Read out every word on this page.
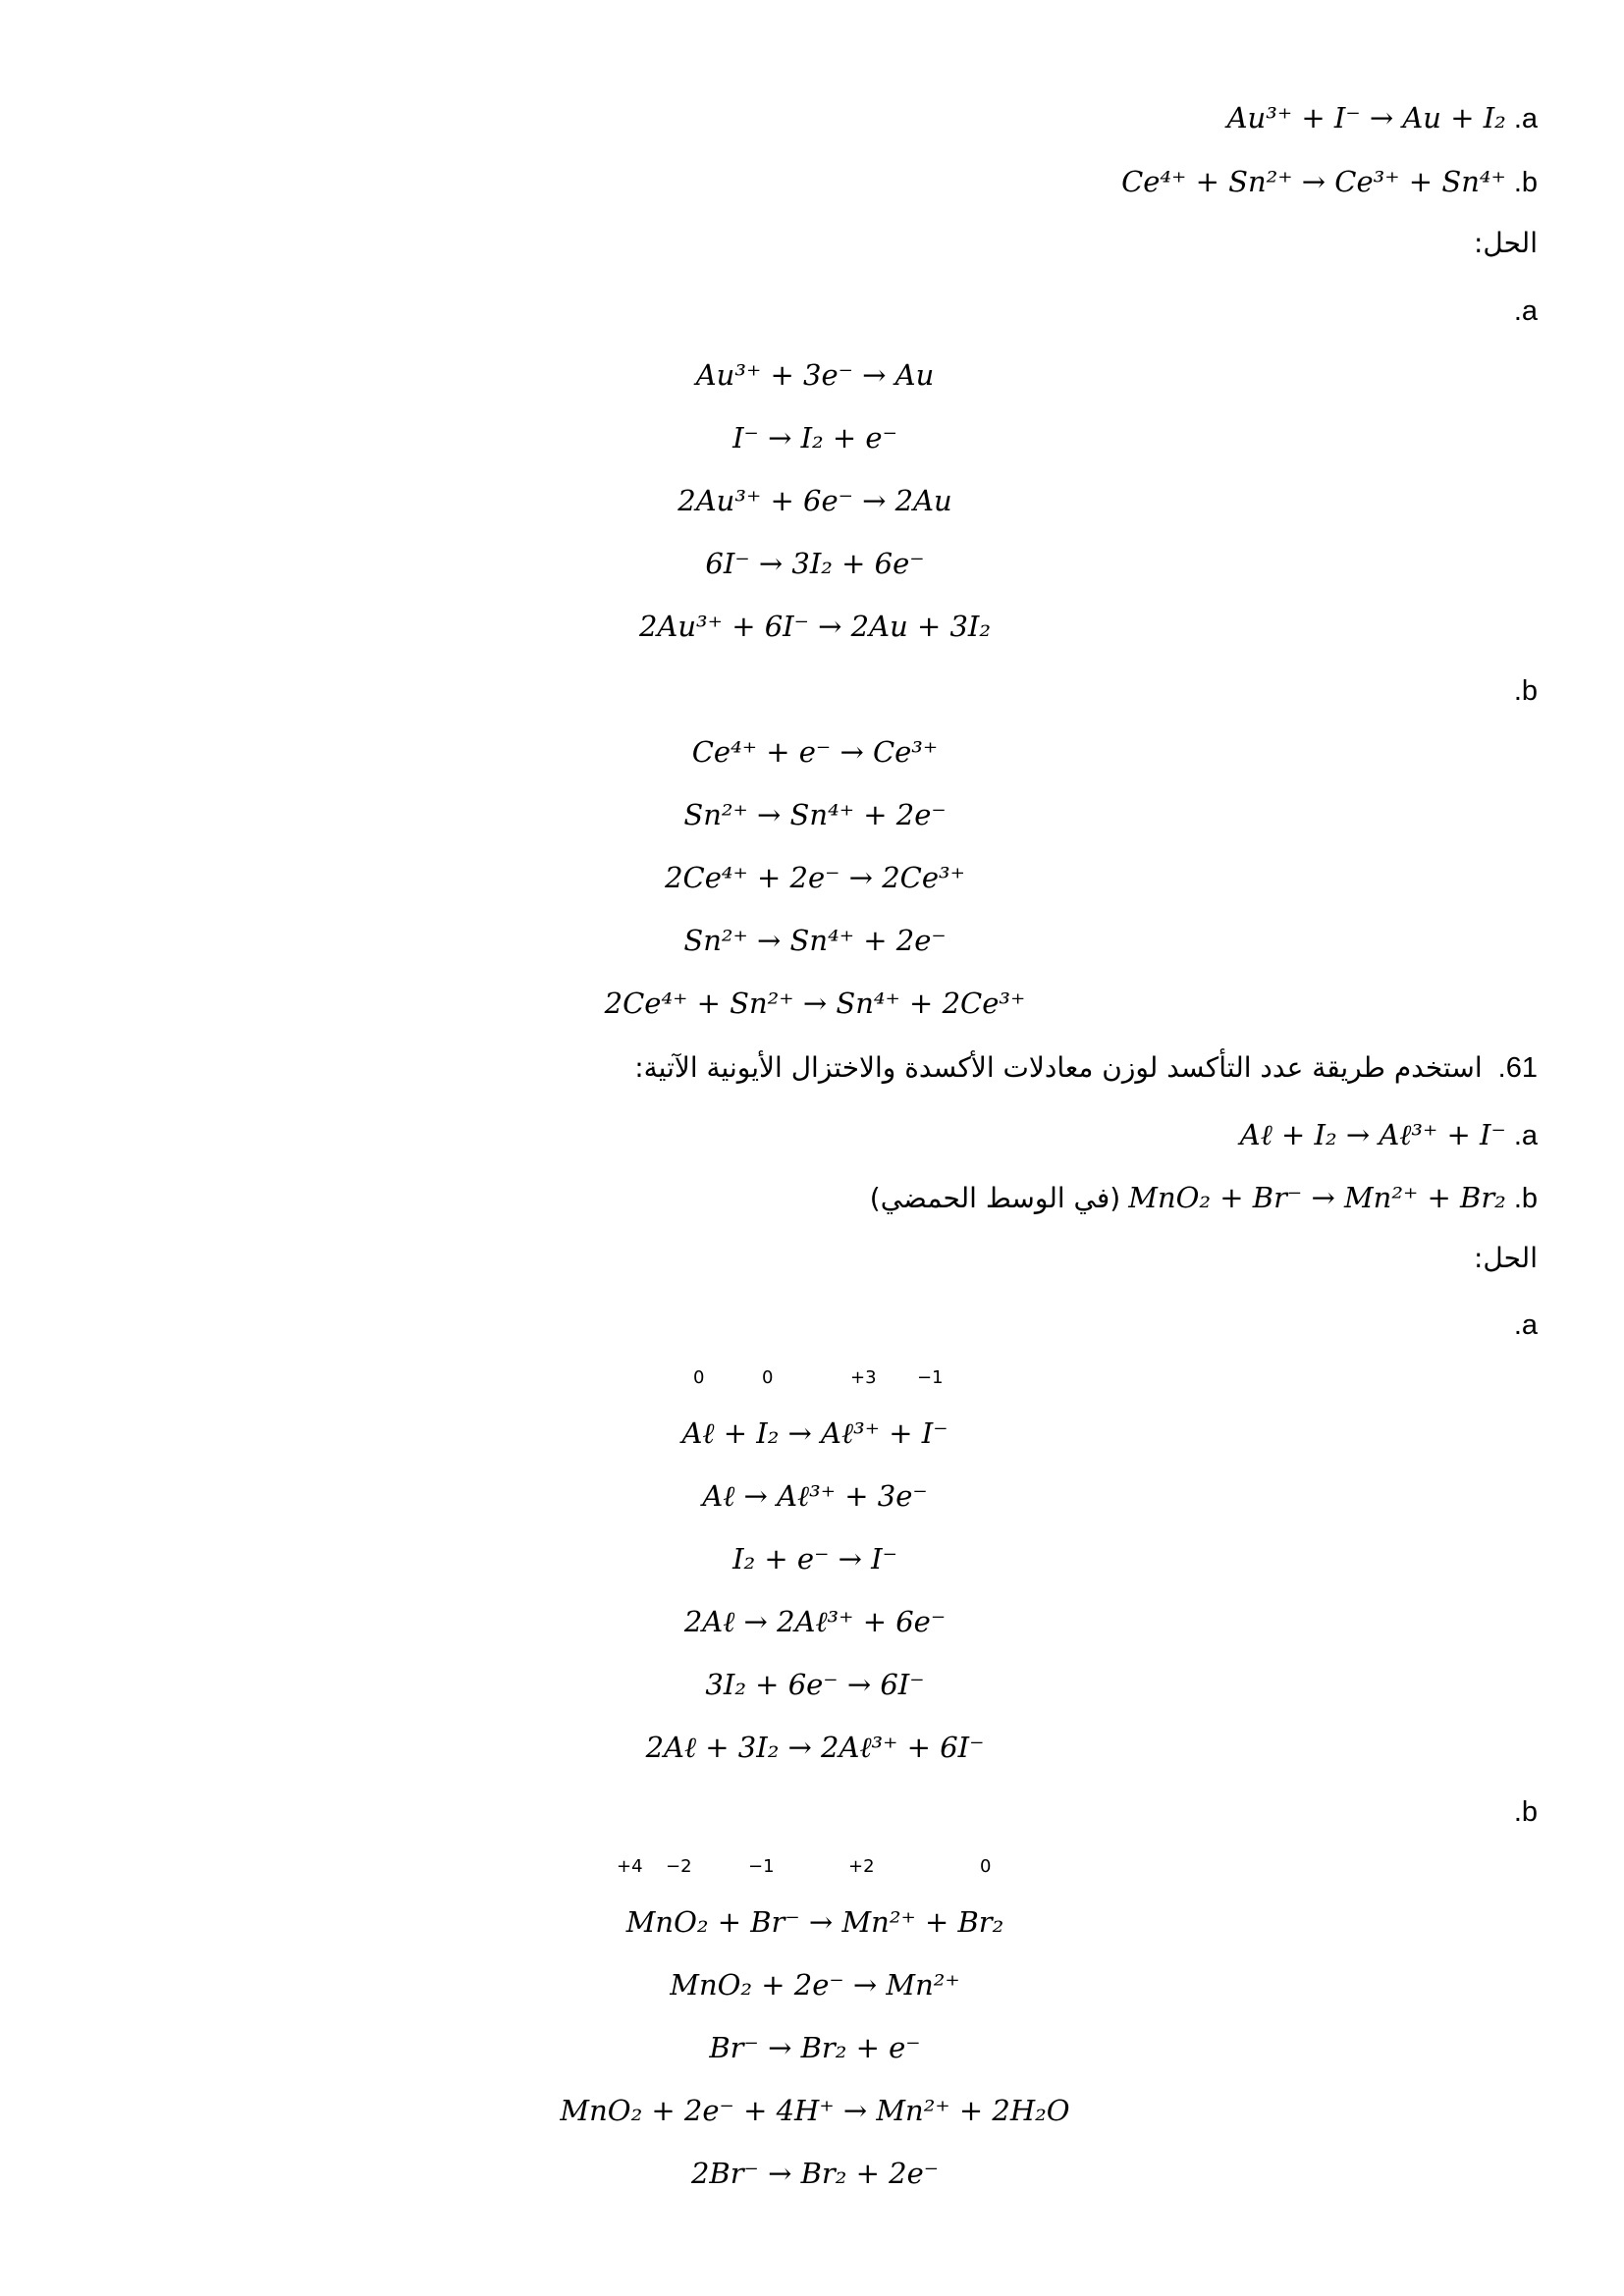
Au³⁺ + I⁻ → Au + I₂ .a
Ce⁴⁺ + Sn²⁺ → Ce³⁺ + Sn⁴⁺ .b
الحل:
.a
Au³⁺ + 3e⁻ → Au
I⁻ → I₂ + e⁻
2Au³⁺ + 6e⁻ → 2Au
6I⁻ → 3I₂ + 6e⁻
2Au³⁺ + 6I⁻ → 2Au + 3I₂
.b
Ce⁴⁺ + e⁻ → Ce³⁺
Sn²⁺ → Sn⁴⁺ + 2e⁻
2Ce⁴⁺ + 2e⁻ → 2Ce³⁺
Sn²⁺ → Sn⁴⁺ + 2e⁻
2Ce⁴⁺ + Sn²⁺ → Sn⁴⁺ + 2Ce³⁺
استخدم طريقة عدد التأكسد لوزن معادلات الأكسدة والاختزال الأيونية الآتية: .61
Aℓ + I₂ → Aℓ³⁺ + I⁻ .a
(في الوسط الحمضي) MnO₂ + Br⁻ → Mn²⁺ + Br₂ .b
الحل:
.a
0	0	+3 −1
Aℓ + I₂ → Aℓ³⁺ + I⁻
Aℓ → Aℓ³⁺ + 3e⁻
I₂ + e⁻ → I⁻
2Aℓ → 2Aℓ³⁺ + 6e⁻
3I₂ + 6e⁻ → 6I⁻
2Aℓ + 3I₂ → 2Aℓ³⁺ + 6I⁻
.b
+4 −2	−1	+2	0
MnO₂ + Br⁻ → Mn²⁺ + Br₂
MnO₂ + 2e⁻ → Mn²⁺
Br⁻ → Br₂ + e⁻
MnO₂ + 2e⁻ + 4H⁺ → Mn²⁺ + 2H₂O
2Br⁻ → Br₂ + 2e⁻
